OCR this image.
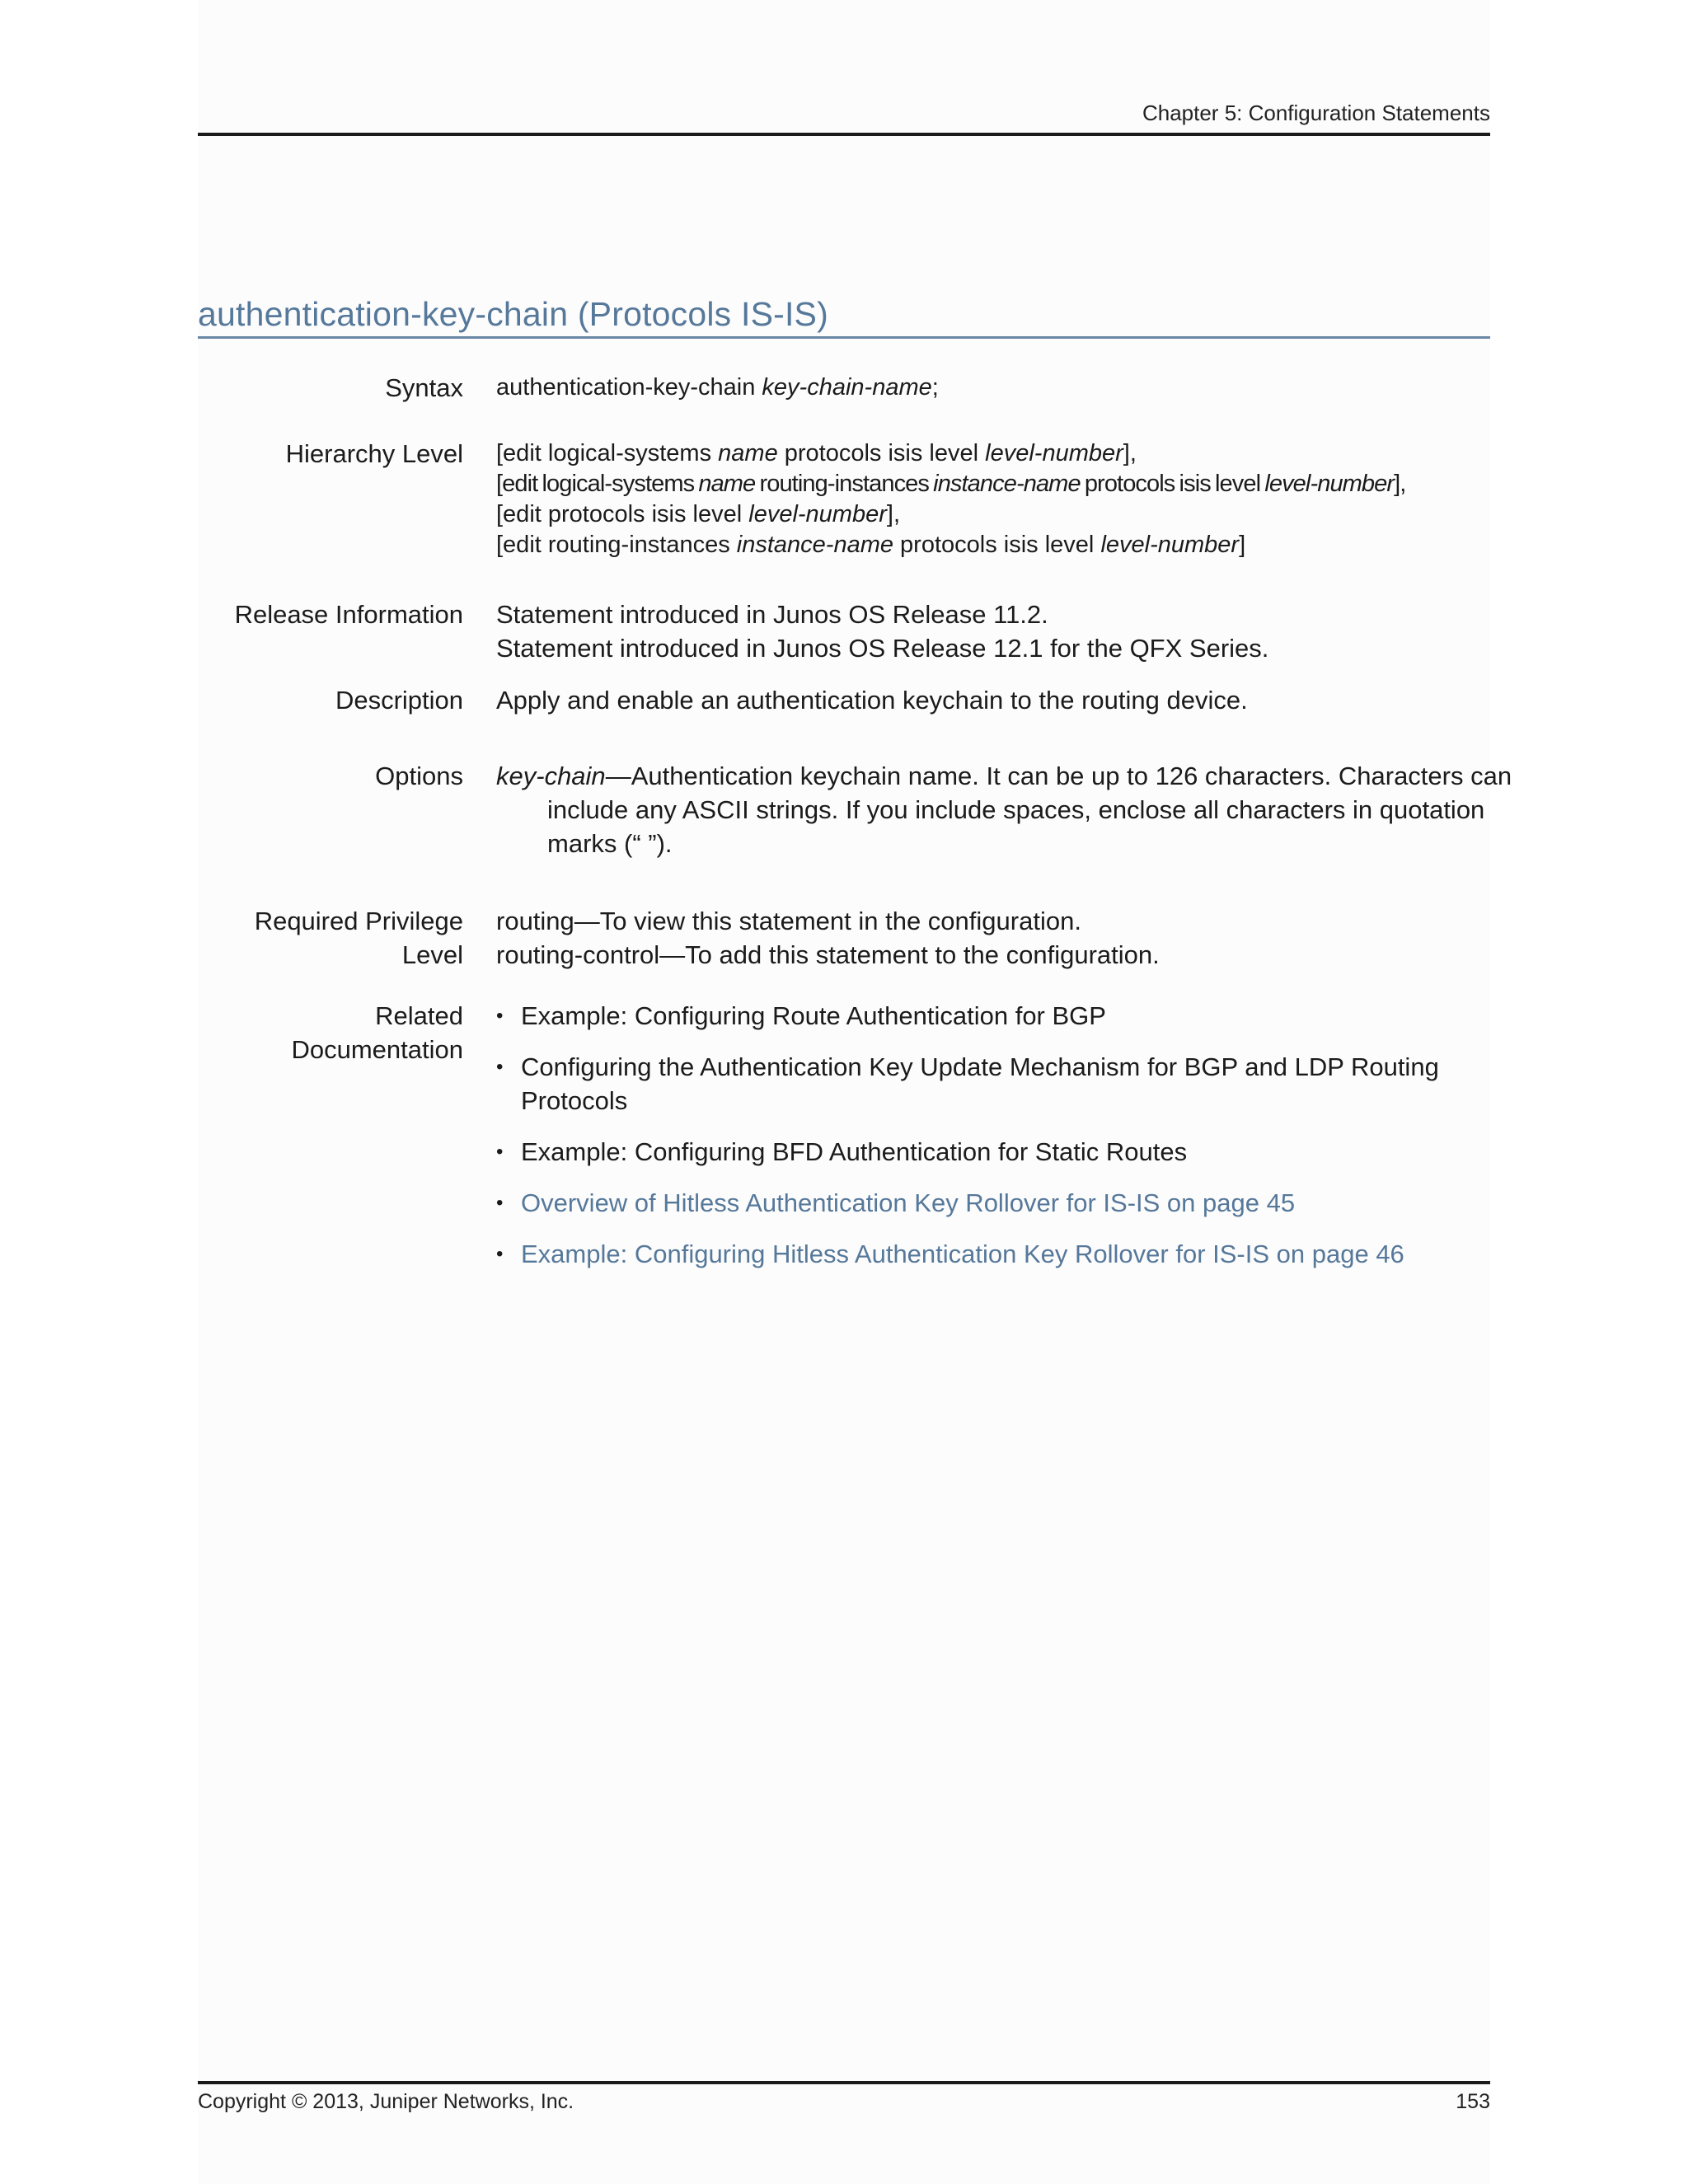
Chapter 5: Configuration Statements
authentication-key-chain (Protocols IS-IS)
Syntax authentication-key-chain key-chain-name;
Hierarchy Level [edit logical-systems name protocols isis level level-number],
[edit logical-systems name routing-instances instance-name protocols isis level level-number],
[edit protocols isis level level-number],
[edit routing-instances instance-name protocols isis level level-number]
Release Information Statement introduced in Junos OS Release 11.2.
Statement introduced in Junos OS Release 12.1 for the QFX Series.
Description Apply and enable an authentication keychain to the routing device.
Options key-chain—Authentication keychain name. It can be up to 126 characters. Characters can include any ASCII strings. If you include spaces, enclose all characters in quotation marks (“ ”).
Required Privilege
Level
routing—To view this statement in the configuration.
routing-control—To add this statement to the configuration.
Related
Documentation
• Example: Configuring Route Authentication for BGP
• Configuring the Authentication Key Update Mechanism for BGP and LDP Routing Protocols
• Example: Configuring BFD Authentication for Static Routes
• Overview of Hitless Authentication Key Rollover for IS-IS on page 45
• Example: Configuring Hitless Authentication Key Rollover for IS-IS on page 46
Copyright © 2013, Juniper Networks, Inc.	153
